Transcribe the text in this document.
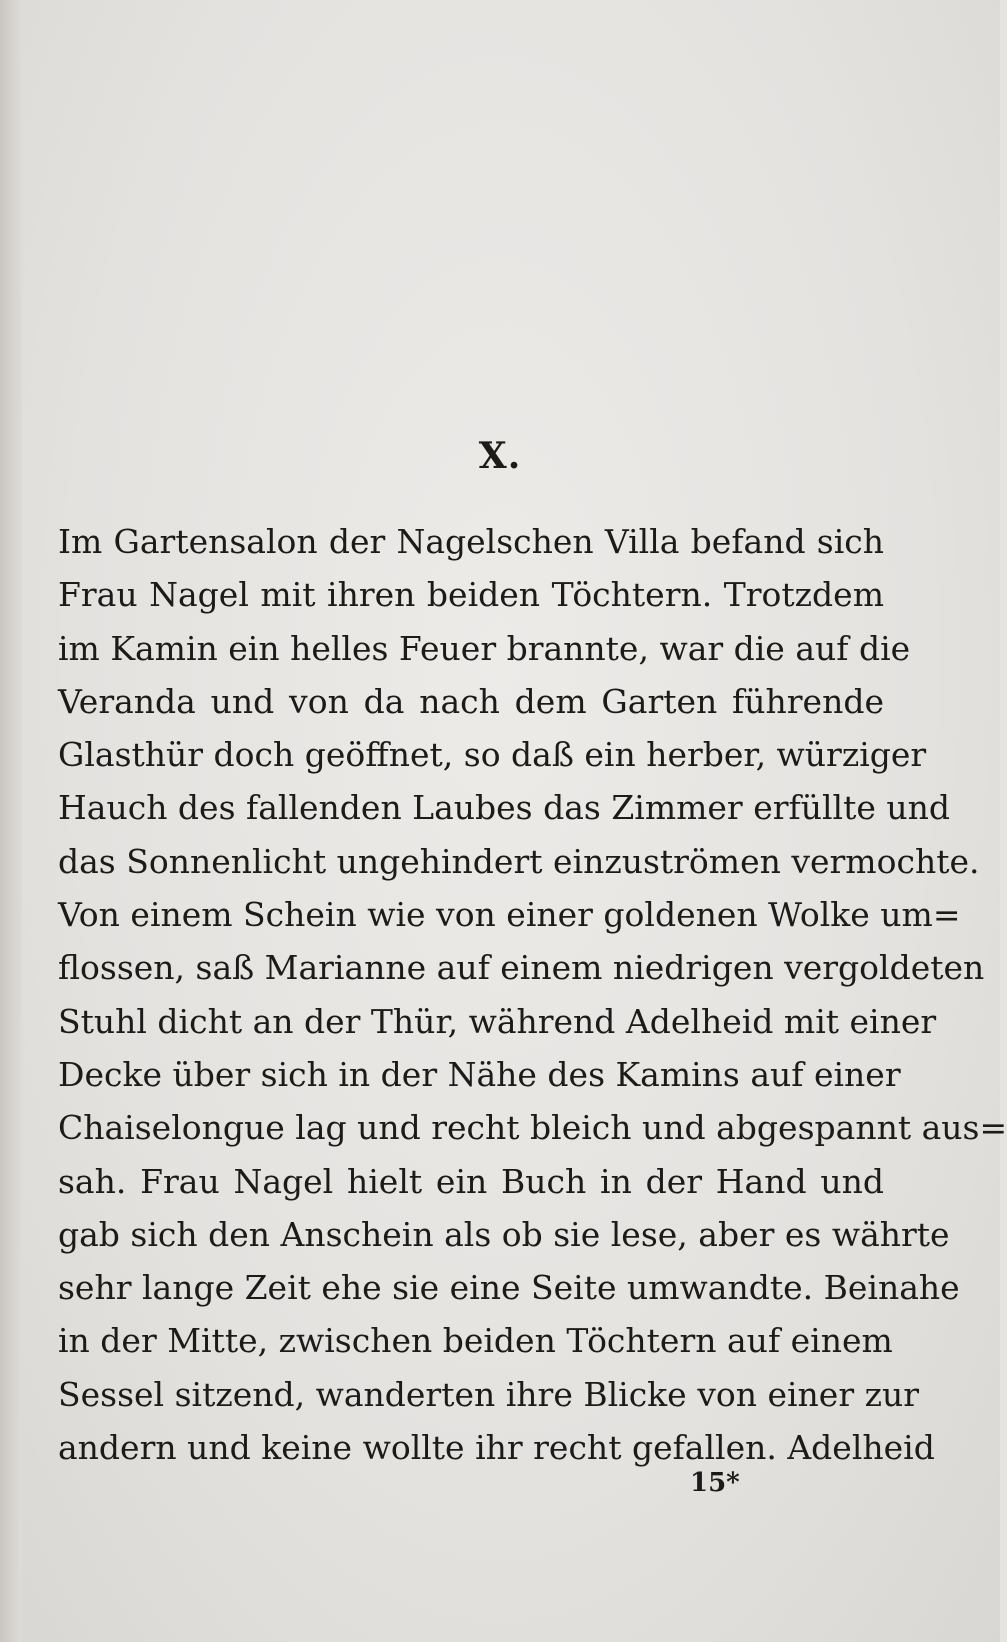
X.
Im Gartensalon der Nagelschen Villa befand sich
Frau Nagel mit ihren beiden Töchtern. Trotzdem
im Kamin ein helles Feuer brannte, war die auf die
Veranda und von da nach dem Garten führende
Glasthür doch geöffnet, so daß ein herber, würziger
Hauch des fallenden Laubes das Zimmer erfüllte und
das Sonnenlicht ungehindert einzuströmen vermochte.
Von einem Schein wie von einer goldenen Wolke um=
flossen, saß Marianne auf einem niedrigen vergoldeten
Stuhl dicht an der Thür, während Adelheid mit einer
Decke über sich in der Nähe des Kamins auf einer
Chaiselongue lag und recht bleich und abgespannt aus=
sah. Frau Nagel hielt ein Buch in der Hand und
gab sich den Anschein als ob sie lese, aber es währte
sehr lange Zeit ehe sie eine Seite umwandte. Beinahe
in der Mitte, zwischen beiden Töchtern auf einem
Sessel sitzend, wanderten ihre Blicke von einer zur
andern und keine wollte ihr recht gefallen. Adelheid
15*
